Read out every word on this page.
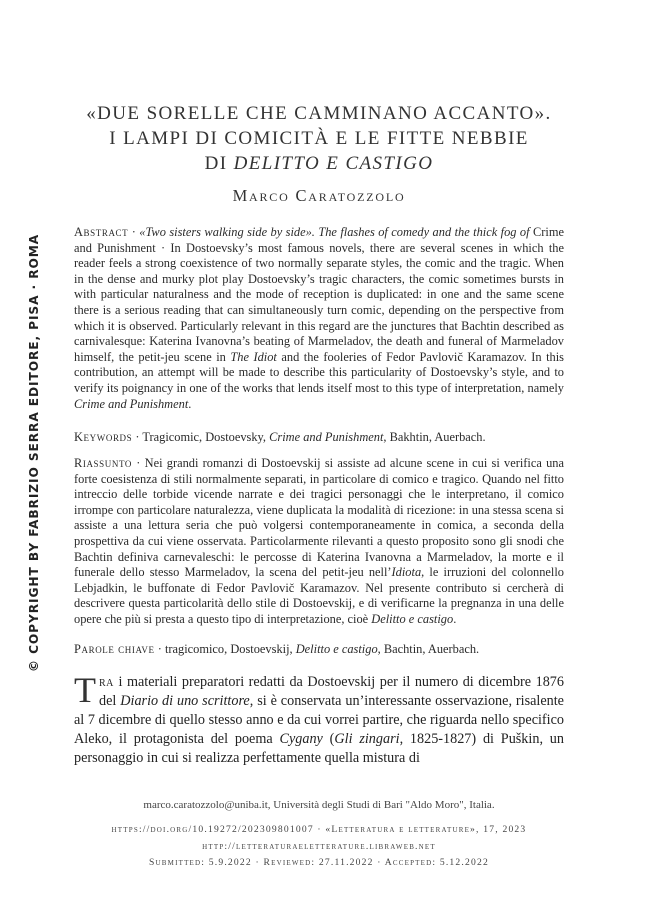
© COPYRIGHT BY FABRIZIO SERRA EDITORE, PISA · ROMA
«DUE SORELLE CHE CAMMINANO ACCANTO».
I LAMPI DI COMICITÀ E LE FITTE NEBBIE
DI DELITTO E CASTIGO
Marco Caratozzolo
Abstract · «Two sisters walking side by side». The flashes of comedy and the thick fog of Crime and Punishment · In Dostoevsky’s most famous novels, there are several scenes in which the reader feels a strong coexistence of two normally separate styles, the comic and the tragic. When in the dense and murky plot play Dostoevsky’s tragic characters, the comic sometimes bursts in with particular naturalness and the mode of reception is duplicated: in one and the same scene there is a serious reading that can simultaneously turn comic, depending on the perspective from which it is observed. Particularly relevant in this regard are the junctures that Bachtin described as carnivalesque: Katerina Ivanovna’s beating of Marmeladov, the death and funeral of Marmeladov himself, the petit-jeu scene in The Idiot and the fooleries of Fedor Pavlovič Karamazov. In this contribution, an attempt will be made to describe this particularity of Dostoevsky’s style, and to verify its poignancy in one of the works that lends itself most to this type of interpretation, namely Crime and Punishment.
Keywords · Tragicomic, Dostoevsky, Crime and Punishment, Bakhtin, Auerbach.
Riassunto · Nei grandi romanzi di Dostoevskij si assiste ad alcune scene in cui si verifica una forte coesistenza di stili normalmente separati, in particolare di comico e tragico. Quando nel fitto intreccio delle torbide vicende narrate e dei tragici personaggi che le interpretano, il comico irrompe con particolare naturalezza, viene duplicata la modalità di ricezione: in una stessa scena si assiste a una lettura seria che può volgersi contemporaneamente in comica, a seconda della prospettiva da cui viene osservata. Particolarmente rilevanti a questo proposito sono gli snodi che Bachtin definiva carnevaleschi: le percosse di Katerina Ivanovna a Marmeladov, la morte e il funerale dello stesso Marmeladov, la scena del petit-jeu nell’Idiota, le irruzioni del colonnello Lebjadkin, le buffonate di Fedor Pavlovič Karamazov. Nel presente contributo si cercherà di descrivere questa particolarità dello stile di Dostoevskij, e di verificarne la pregnanza in una delle opere che più si presta a questo tipo di interpretazione, cioè Delitto e castigo.
Parole chiave · tragicomico, Dostoevskij, Delitto e castigo, Bachtin, Auerbach.
Tra i materiali preparatori redatti da Dostoevskij per il numero di dicembre 1876 del Diario di uno scrittore, si è conservata un’interessante osservazione, risalente al 7 dicembre di quello stesso anno e da cui vorrei partire, che riguarda nello specifico Aleko, il protagonista del poema Cygany (Gli zingari, 1825-1827) di Puškin, un personaggio in cui si realizza perfettamente quella mistura di
marco.caratozzolo@uniba.it, Università degli Studi di Bari "Aldo Moro", Italia.
https://doi.org/10.19272/202309801007 · «Letteratura e letterature», 17, 2023
http://letteraturaeletterature.libraweb.net
Submitted: 5.9.2022 · Reviewed: 27.11.2022 · Accepted: 5.12.2022
